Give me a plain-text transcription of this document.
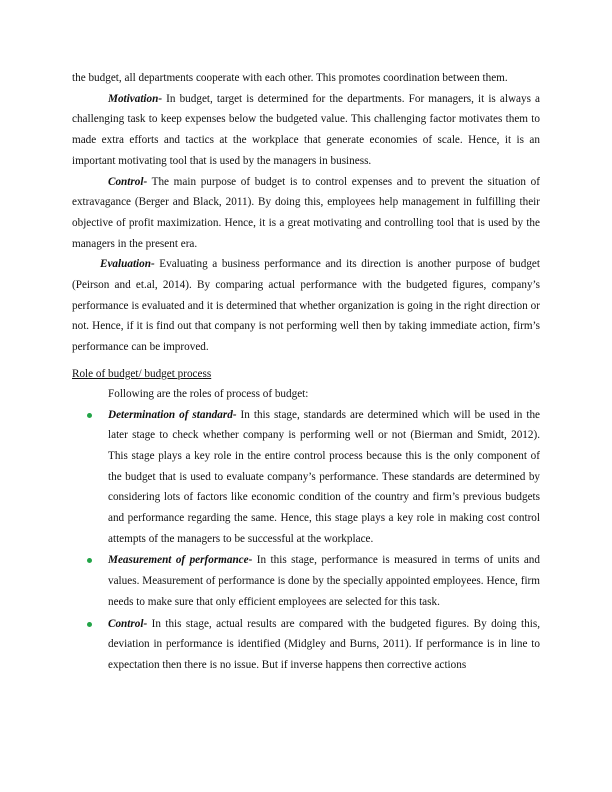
the budget, all departments cooperate with each other. This promotes coordination between them.

Motivation- In budget, target is determined for the departments. For managers, it is always a challenging task to keep expenses below the budgeted value. This challenging factor motivates them to made extra efforts and tactics at the workplace that generate economies of scale. Hence, it is an important motivating tool that is used by the managers in business.

Control- The main purpose of budget is to control expenses and to prevent the situation of extravagance (Berger and Black, 2011). By doing this, employees help management in fulfilling their objective of profit maximization. Hence, it is a great motivating and controlling tool that is used by the managers in the present era.

Evaluation- Evaluating a business performance and its direction is another purpose of budget (Peirson and et.al, 2014). By comparing actual performance with the budgeted figures, company’s performance is evaluated and it is determined that whether organization is going in the right direction or not. Hence, if it is find out that company is not performing well then by taking immediate action, firm’s performance can be improved.

Role of budget/ budget process

Following are the roles of process of budget:

Determination of standard- In this stage, standards are determined which will be used in the later stage to check whether company is performing well or not (Bierman and Smidt, 2012). This stage plays a key role in the entire control process because this is the only component of the budget that is used to evaluate company’s performance. These standards are determined by considering lots of factors like economic condition of the country and firm’s previous budgets and performance regarding the same. Hence, this stage plays a key role in making cost control attempts of the managers to be successful at the workplace.

Measurement of performance- In this stage, performance is measured in terms of units and values. Measurement of performance is done by the specially appointed employees. Hence, firm needs to make sure that only efficient employees are selected for this task.

Control- In this stage, actual results are compared with the budgeted figures. By doing this, deviation in performance is identified (Midgley and Burns, 2011). If performance is in line to expectation then there is no issue. But if inverse happens then corrective actions
